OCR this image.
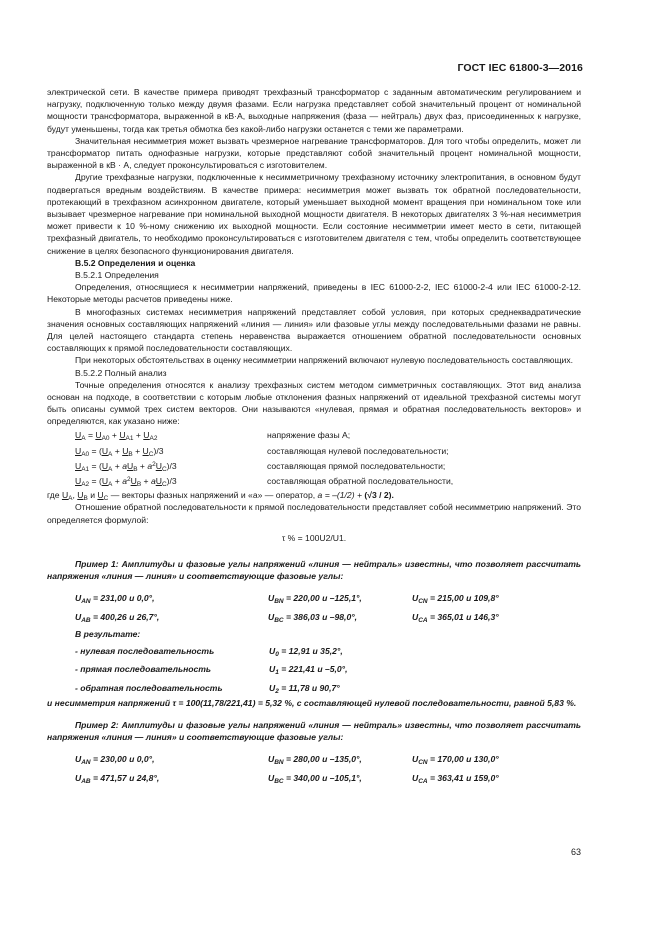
ГОСТ IEC 61800-3—2016

электрической сети. В качестве примера приводят трехфазный трансформатор с заданным автоматическим регулированием и нагрузку, подключенную только между двумя фазами. Если нагрузка представляет собой значительный процент от номинальной мощности трансформатора, выраженной в кВ·А, выходные напряжения (фаза — нейтраль) двух фаз, присоединенных к нагрузке, будут уменьшены, тогда как третья обмотка без какой-либо нагрузки останется с теми же параметрами.

Значительная несимметрия может вызвать чрезмерное нагревание трансформаторов. Для того чтобы определить, может ли трансформатор питать однофазные нагрузки, которые представляют собой значительный процент номинальной мощности, выраженной в кВ · А, следует проконсультироваться с изготовителем.

Другие трехфазные нагрузки, подключенные к несимметричному трехфазному источнику электропитания, в основном будут подвергаться вредным воздействиям. В качестве примера: несимметрия может вызвать ток обратной последовательности, протекающий в трехфазном асинхронном двигателе, который уменьшает выходной момент вращения при номинальном токе или вызывает чрезмерное нагревание при номинальной выходной мощности двигателя. В некоторых двигателях 3 %-ная несимметрия может привести к 10 %-ному снижению их выходной мощности. Если состояние несимметрии имеет место в сети, питающей трехфазный двигатель, то необходимо проконсультироваться с изготовителем двигателя с тем, чтобы определить соответствующее снижение в целях безопасного функционирования двигателя.

В.5.2 Определения и оценка

В.5.2.1 Определения

Определения, относящиеся к несимметрии напряжений, приведены в IEC 61000-2-2, IEC 61000-2-4 или IEC 61000-2-12. Некоторые методы расчетов приведены ниже.

В многофазных системах несимметрия напряжений представляет собой условия, при которых среднеквадратические значения основных составляющих напряжений «линия — линия» или фазовые углы между последовательными фазами не равны. Для целей настоящего стандарта степень неравенства выражается отношением обратной последовательности основных составляющих к прямой последовательности составляющих.

При некоторых обстоятельствах в оценку несимметрии напряжений включают нулевую последовательность составляющих.

В.5.2.2 Полный анализ

Точные определения относятся к анализу трехфазных систем методом симметричных составляющих. Этот вид анализа основан на подходе, в соответствии с которым любые отклонения фазных напряжений от идеальной трехфазной системы могут быть описаны суммой трех систем векторов. Они называются «нулевая, прямая и обратная последовательность векторов» и определяются, как указано ниже:

$U_A = U_{A0} + U_{A1} + U_{A2}$	напряжение фазы А;
$U_{A0} = (U_A + U_B + U_C)/3$	составляющая нулевой последовательности;
$U_{A1} = (U_A + aU_B + a^2U_C)/3$	составляющая прямой последовательности;
$U_{A2} = (U_A + a^2U_B + aU_C)/3$	составляющая обратной последовательности,

где $U_A$, $U_B$ и $U_C$ — векторы фазных напряжений и «а» — оператор, a = –(1/2) + (√3 / 2).

Отношение обратной последовательности к прямой последовательности представляет собой несимметрию напряжений. Это определяется формулой:

τ % = 100U2/U1.

Пример 1: Амплитуды и фазовые углы напряжений «линия — нейтраль» известны, что позволяет рассчитать напряжения «линия — линия» и соответствующие фазовые углы:

$U_{AN} = 231,00$ и 0,0°,	$U_{BN} = 220,00$ и –125,1°,	$U_{CN} = 215,00$ и 109,8°
$U_{AB} = 400,26$ и 26,7°,	$U_{BC} = 386,03$ и –98,0°,	$U_{CA} = 365,01$ и 146,3°
В результате:
- нулевая последовательность	$U_0 = 12,91$ и 35,2°,
- прямая последовательность	$U_1 = 221,41$ и –5,0°,
- обратная последовательность	$U_2 = 11,78$ и 90,7°

и несимметрия напряжений τ = 100(11,78/221,41) = 5,32 %, с составляющей нулевой последовательности, равной 5,83 %.

Пример 2: Амплитуды и фазовые углы напряжений «линия — нейтраль» известны, что позволяет рассчитать напряжения «линия — линия» и соответствующие фазовые углы:

$U_{AN} = 230,00$ и 0,0°,	$U_{BN} = 280,00$ и –135,0°,	$U_{CN} = 170,00$ и 130,0°
$U_{AB} = 471,57$ и 24,8°,	$U_{BC} = 340,00$ и –105,1°,	$U_{CA} = 363,41$ и 159,0°
63
